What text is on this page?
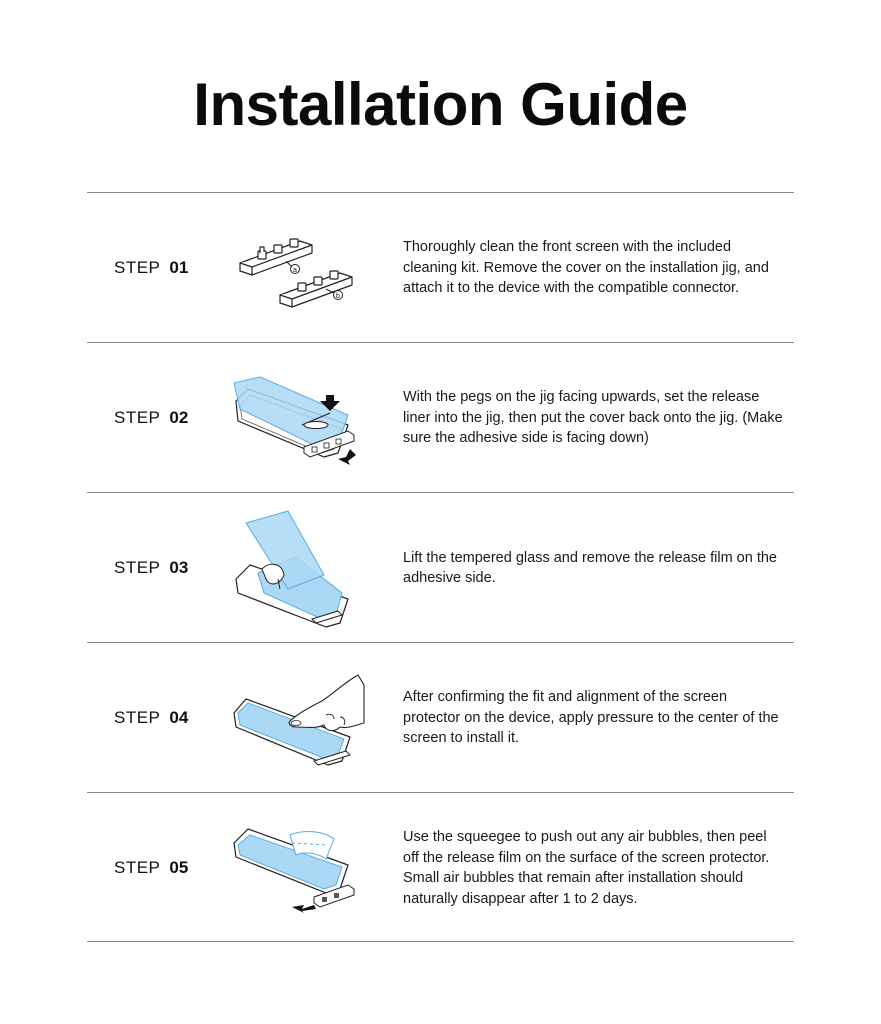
Installation Guide
STEP 01	a
b

Thoroughly clean the front screen with the included cleaning kit. Remove the cover on the installation jig, and attach it to the device with the compatible connector.

STEP 02

With the pegs on the jig facing upwards, set the release liner into the jig, then put the cover back onto the jig. (Make sure the adhesive side is facing down)

STEP 03

Lift the tempered glass and remove the release film on the adhesive side.

STEP 04

After confirming the fit and alignment of the screen protector on the device, apply pressure to the center of the screen to install it.

STEP 05

Use the squeegee to push out any air bubbles, then peel off the release film on the surface of the screen protector. Small air bubbles that remain after installation should naturally disappear after 1 to 2 days.
